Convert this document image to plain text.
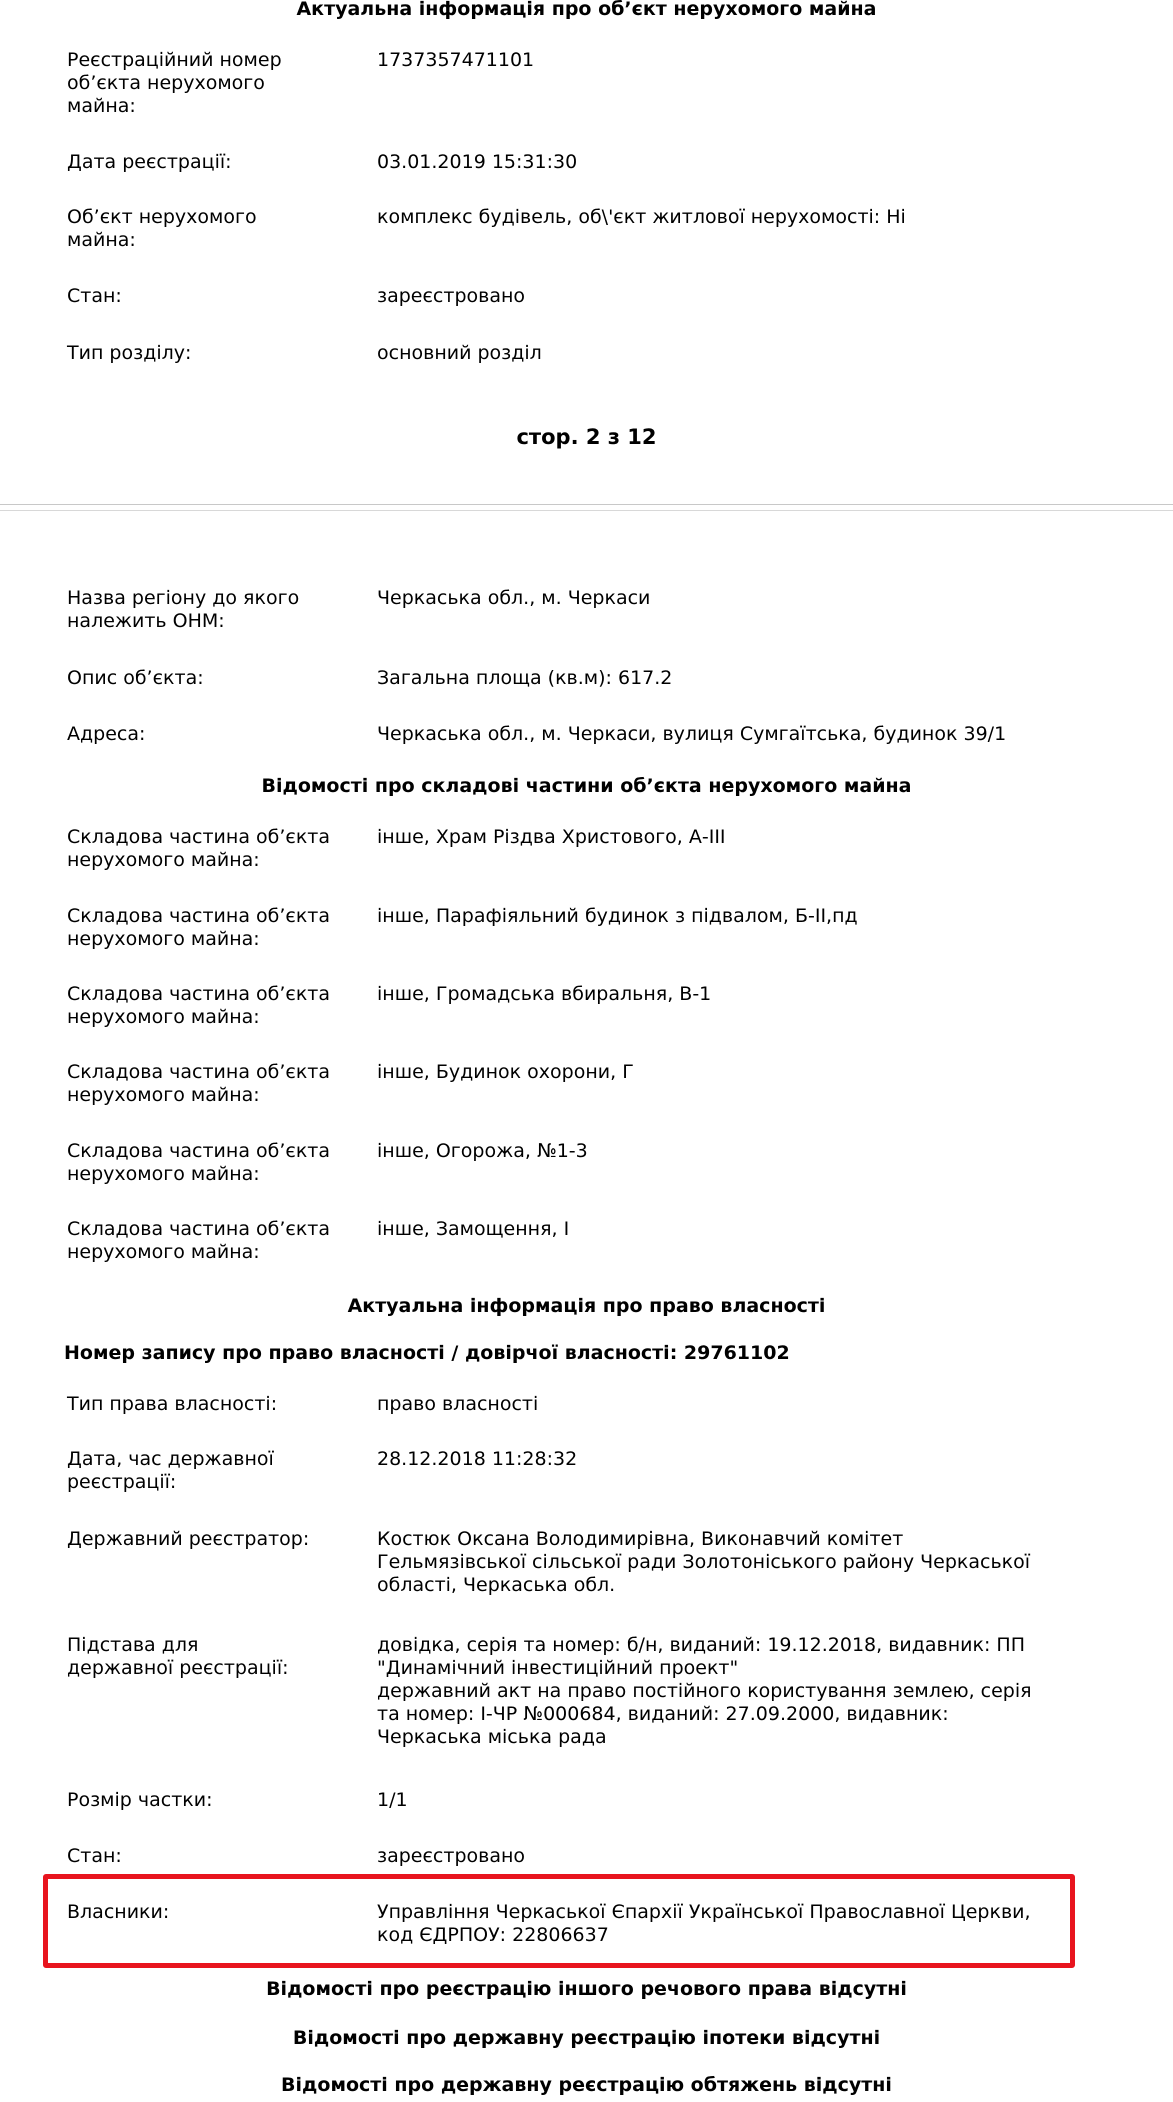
Актуальна інформація про об’єкт нерухомого майна
Реєстраційний номер
об’єкта нерухомого
майна:
1737357471101
Дата реєстрації:	03.01.2019 15:31:30
Об’єкт нерухомого
майна:
комплекс будівель, об\'єкт житлової нерухомості: Ні
Стан:	зареєстровано
Тип розділу:	основний розділ
стор. 2 з 12
Назва регіону до якого
належить ОНМ:
Черкаська обл., м. Черкаси
Опис об’єкта:	Загальна площа (кв.м): 617.2
Адреса:	Черкаська обл., м. Черкаси, вулиця Сумгаїтська, будинок 39/1
Відомості про складові частини об’єкта нерухомого майна
Складова частина об’єкта
нерухомого майна:
інше, Храм Різдва Христового, А-ІІІ
Складова частина об’єкта
нерухомого майна:
інше, Парафіяльний будинок з підвалом, Б-ІІ,пд
Складова частина об’єкта
нерухомого майна:
інше, Громадська вбиральня, В-1
Складова частина об’єкта
нерухомого майна:
інше, Будинок охорони, Г
Складова частина об’єкта
нерухомого майна:
інше, Огорожа, №1-3
Складова частина об’єкта
нерухомого майна:
інше, Замощення, І
Актуальна інформація про право власності
Номер запису про право власності / довірчої власності: 29761102
Тип права власності:	право власності
Дата, час державної
реєстрації:
28.12.2018 11:28:32
Державний реєстратор:	Костюк Оксана Володимирівна, Виконавчий комітет
Гельмязівської сільської ради Золотоніського району Черкаської
області, Черкаська обл.
Підстава для
державної реєстрації:
довідка, серія та номер: б/н, виданий: 19.12.2018, видавник: ПП
"Динамічний інвестиційний проект"
державний акт на право постійного користування землею, серія
та номер: І-ЧР №000684, виданий: 27.09.2000, видавник:
Черкаська міська рада
Розмір частки:	1/1
Стан:	зареєстровано
Власники:	Управління Черкаської Єпархії Української Православної Церкви,
код ЄДРПОУ: 22806637
Відомості про реєстрацію іншого речового права відсутні
Відомості про державну реєстрацію іпотеки відсутні
Відомості про державну реєстрацію обтяжень відсутні
